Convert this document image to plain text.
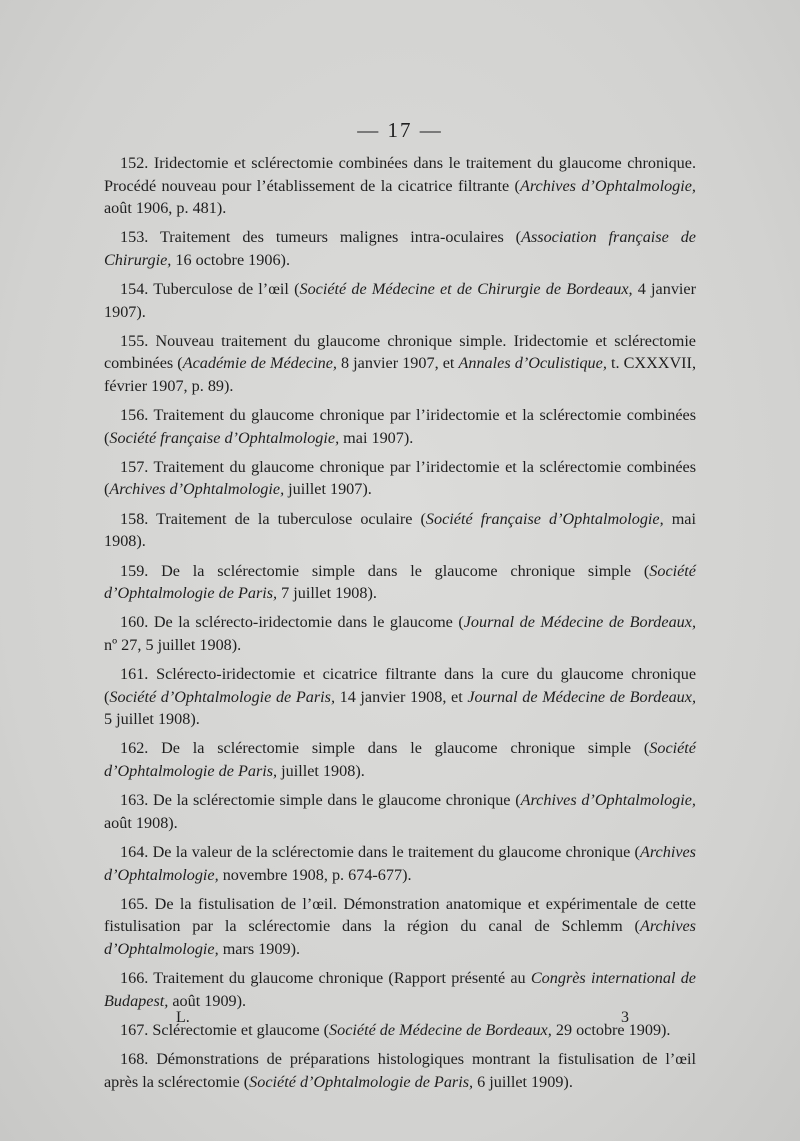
— 17 —

152. Iridectomie et sclérectomie combinées dans le traitement du glaucome chronique. Procédé nouveau pour l’établissement de la cicatrice filtrante (Archives d’Ophtalmologie, août 1906, p. 481).

153. Traitement des tumeurs malignes intra-oculaires (Association française de Chirurgie, 16 octobre 1906).

154. Tuberculose de l’œil (Société de Médecine et de Chirurgie de Bordeaux, 4 janvier 1907).

155. Nouveau traitement du glaucome chronique simple. Iridectomie et sclérectomie combinées (Académie de Médecine, 8 janvier 1907, et Annales d’Oculistique, t. CXXXVII, février 1907, p. 89).

156. Traitement du glaucome chronique par l’iridectomie et la sclérectomie combinées (Société française d’Ophtalmologie, mai 1907).

157. Traitement du glaucome chronique par l’iridectomie et la sclérectomie combinées (Archives d’Ophtalmologie, juillet 1907).

158. Traitement de la tuberculose oculaire (Société française d’Ophtalmologie, mai 1908).

159. De la sclérectomie simple dans le glaucome chronique simple (Société d’Ophtalmologie de Paris, 7 juillet 1908).

160. De la sclérecto-iridectomie dans le glaucome (Journal de Médecine de Bordeaux, nº 27, 5 juillet 1908).

161. Sclérecto-iridectomie et cicatrice filtrante dans la cure du glaucome chronique (Société d’Ophtalmologie de Paris, 14 janvier 1908, et Journal de Médecine de Bordeaux, 5 juillet 1908).

162. De la sclérectomie simple dans le glaucome chronique simple (Société d’Ophtalmologie de Paris, juillet 1908).

163. De la sclérectomie simple dans le glaucome chronique (Archives d’Ophtalmologie, août 1908).

164. De la valeur de la sclérectomie dans le traitement du glaucome chronique (Archives d’Ophtalmologie, novembre 1908, p. 674-677).

165. De la fistulisation de l’œil. Démonstration anatomique et expérimentale de cette fistulisation par la sclérectomie dans la région du canal de Schlemm (Archives d’Ophtalmologie, mars 1909).

166. Traitement du glaucome chronique (Rapport présenté au Congrès international de Budapest, août 1909).

167. Sclérectomie et glaucome (Société de Médecine de Bordeaux, 29 octobre 1909).

168. Démonstrations de préparations histologiques montrant la fistulisation de l’œil après la sclérectomie (Société d’Ophtalmologie de Paris, 6 juillet 1909).

L.	3
